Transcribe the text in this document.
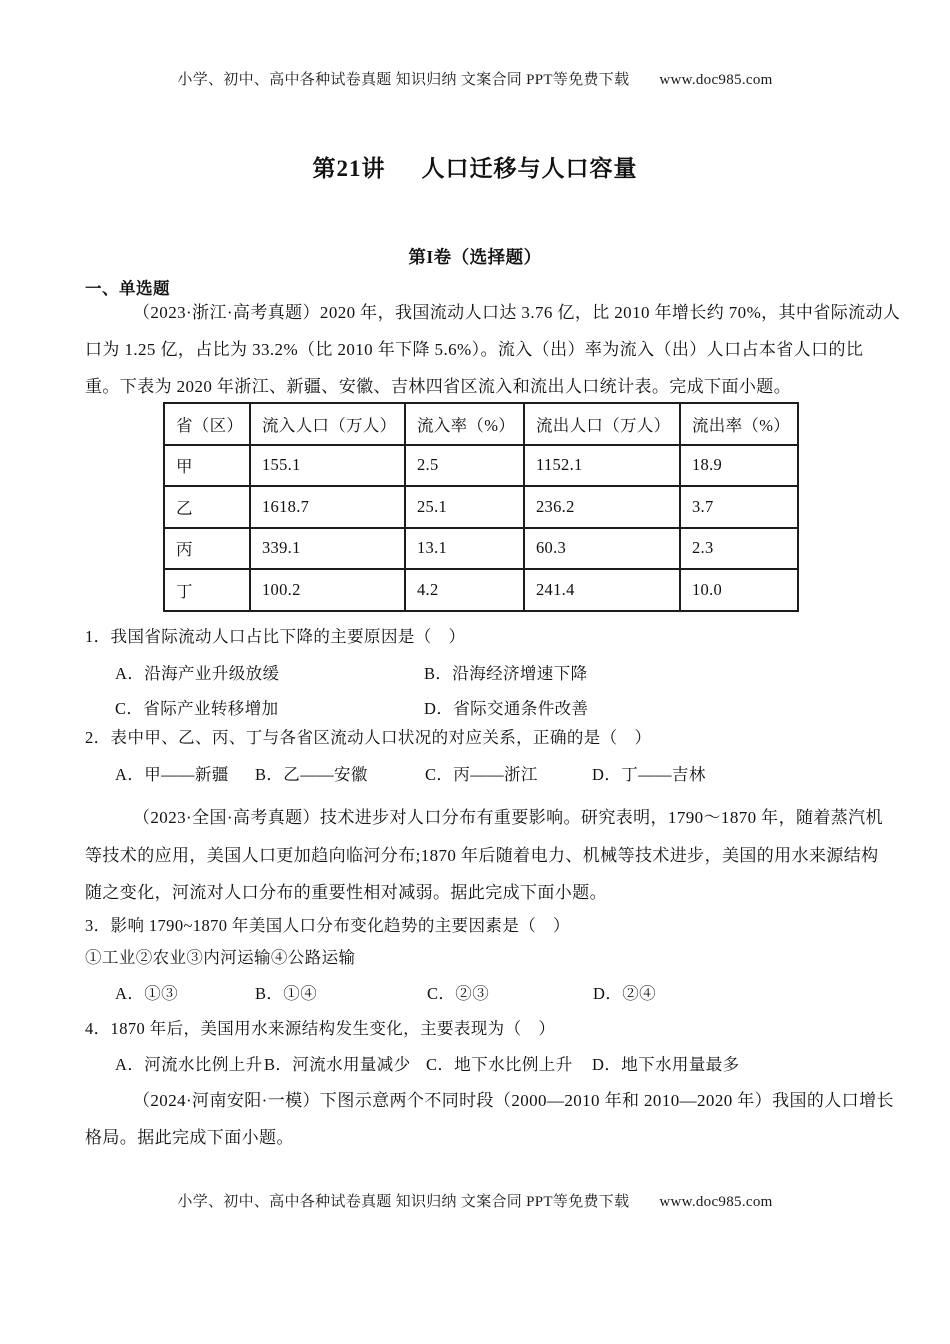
小学、初中、高中各种试卷真题 知识归纳 文案合同 PPT等免费下载 www.doc985.com
第21讲 人口迁移与人口容量
第I卷（选择题）
一、单选题
（2023·浙江·高考真题）2020 年，我国流动人口达 3.76 亿，比 2010 年增长约 70%，其中省际流动人
口为 1.25 亿，占比为 33.2%（比 2010 年下降 5.6%）。流入（出）率为流入（出）人口占本省人口的比
重。下表为 2020 年浙江、新疆、安徽、吉林四省区流入和流出人口统计表。完成下面小题。
省（区）	流入人口（万人）	流入率（%）	流出人口（万人）	流出率（%）
甲	155.1	2.5	1152.1	18.9
乙	1618.7	25.1	236.2	3.7
丙	339.1	13.1	60.3	2.3
丁	100.2	4.2	241.4	10.0
1．我国省际流动人口占比下降的主要原因是（　）
A．沿海产业升级放缓	B．沿海经济增速下降
C．省际产业转移增加	D．省际交通条件改善
2．表中甲、乙、丙、丁与各省区流动人口状况的对应关系，正确的是（　）
A．甲——新疆 B．乙——安徽	C．丙——浙江	D．丁——吉林
（2023·全国·高考真题）技术进步对人口分布有重要影响。研究表明，1790～1870 年，随着蒸汽机
等技术的应用，美国人口更加趋向临河分布;1870 年后随着电力、机械等技术进步，美国的用水来源结构
随之变化，河流对人口分布的重要性相对减弱。据此完成下面小题。
3．影响 1790~1870 年美国人口分布变化趋势的主要因素是（　）
①工业②农业③内河运输④公路运输
A．①③	B．①④	C．②③	D．②④
4．1870 年后，美国用水来源结构发生变化，主要表现为（　）
A．河流水比例上升 B．河流水用量减少 C．地下水比例上升 D．地下水用量最多
（2024·河南安阳·一模）下图示意两个不同时段（2000—2010 年和 2010—2020 年）我国的人口增长
格局。据此完成下面小题。
小学、初中、高中各种试卷真题 知识归纳 文案合同 PPT等免费下载 www.doc985.com
